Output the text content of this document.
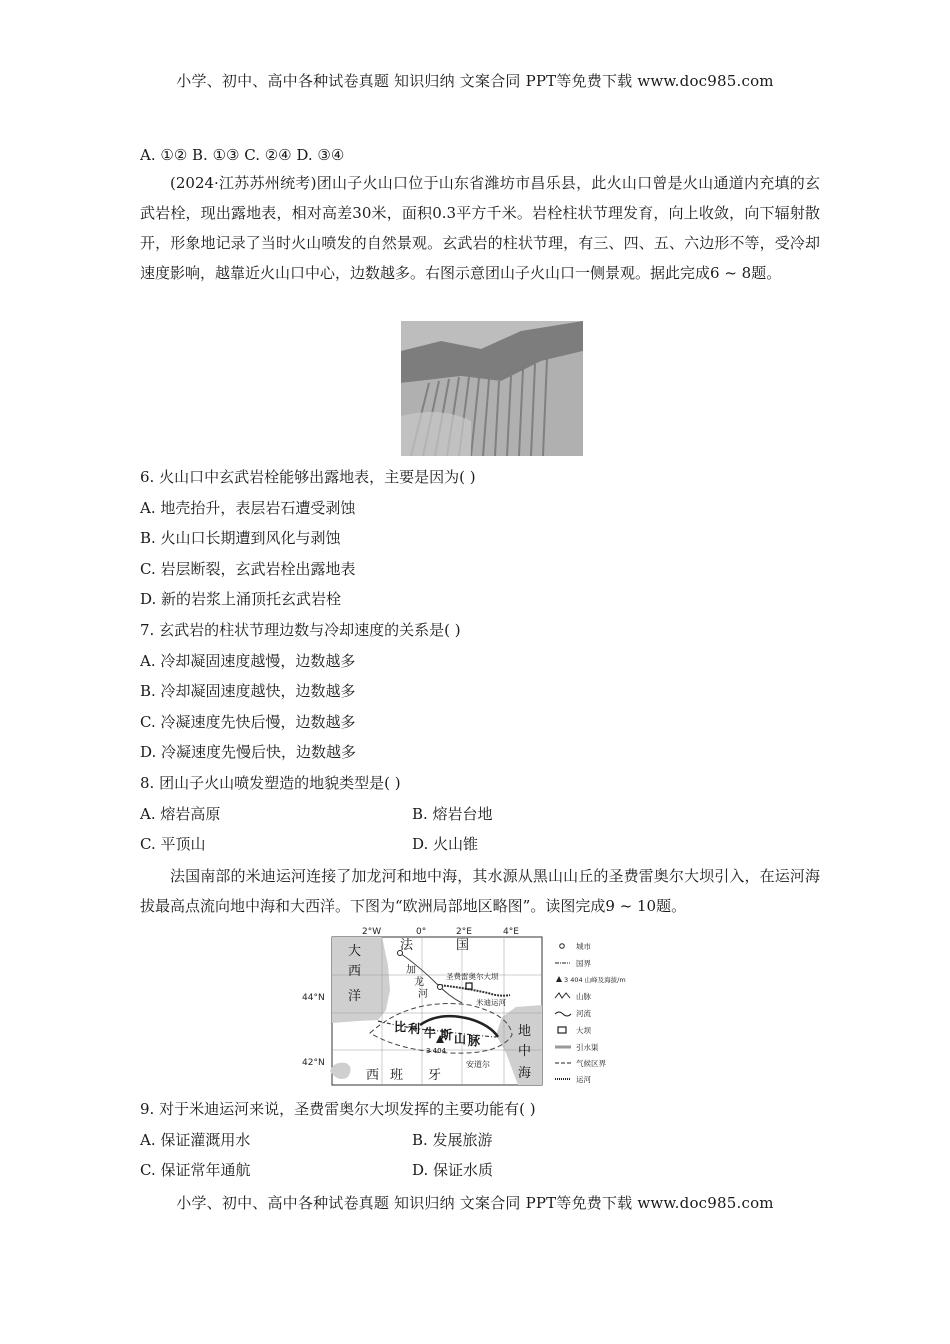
小学、初中、高中各种试卷真题 知识归纳 文案合同 PPT等免费下载 www.doc985.com
A. ①② B. ①③ C. ②④ D. ③④

(2024·江苏苏州统考)团山子火山口位于山东省潍坊市昌乐县，此火山口曾是火山通道内充填的玄武岩栓，现出露地表，相对高差30米，面积0.3平方千米。岩栓柱状节理发育，向上收敛，向下辐射散开，形象地记录了当时火山喷发的自然景观。玄武岩的柱状节理，有三、四、五、六边形不等，受冷却速度影响，越靠近火山口中心，边数越多。右图示意团山子火山口一侧景观。据此完成6 ~ 8题。

6. 火山口中玄武岩栓能够出露地表，主要是因为( )
A. 地壳抬升，表层岩石遭受剥蚀
B. 火山口长期遭到风化与剥蚀
C. 岩层断裂，玄武岩栓出露地表
D. 新的岩浆上涌顶托玄武岩栓
7. 玄武岩的柱状节理边数与冷却速度的关系是( )
A. 冷却凝固速度越慢，边数越多
B. 冷却凝固速度越快，边数越多
C. 冷凝速度先快后慢，边数越多
D. 冷凝速度先慢后快，边数越多
8. 团山子火山喷发塑造的地貌类型是( )
A. 熔岩高原	B. 熔岩台地
C. 平顶山	D. 火山锥

法国南部的米迪运河连接了加龙河和地中海，其水源从黑山山丘的圣费雷奥尔大坝引入，在运河海拔最高点流向地中海和大西洋。下图为“欧洲局部地区略图”。读图完成9 ~ 10题。

2°W	0°	2°E	4°E
44°N
42°N
大
西
洋
法	国
西 班 牙
地
中
海
加
龙
河
圣费雷奥尔大坝
米迪运河
比 利 牛 斯 山 脉
3 404
安道尔
城市
国界
3 404 山峰及海拔/m
山脉
河流
大坝
引水渠
气候区界
运河
9. 对于米迪运河来说，圣费雷奥尔大坝发挥的主要功能有( )
A. 保证灌溉用水	B. 发展旅游
C. 保证常年通航	D. 保证水质
小学、初中、高中各种试卷真题 知识归纳 文案合同 PPT等免费下载 www.doc985.com
